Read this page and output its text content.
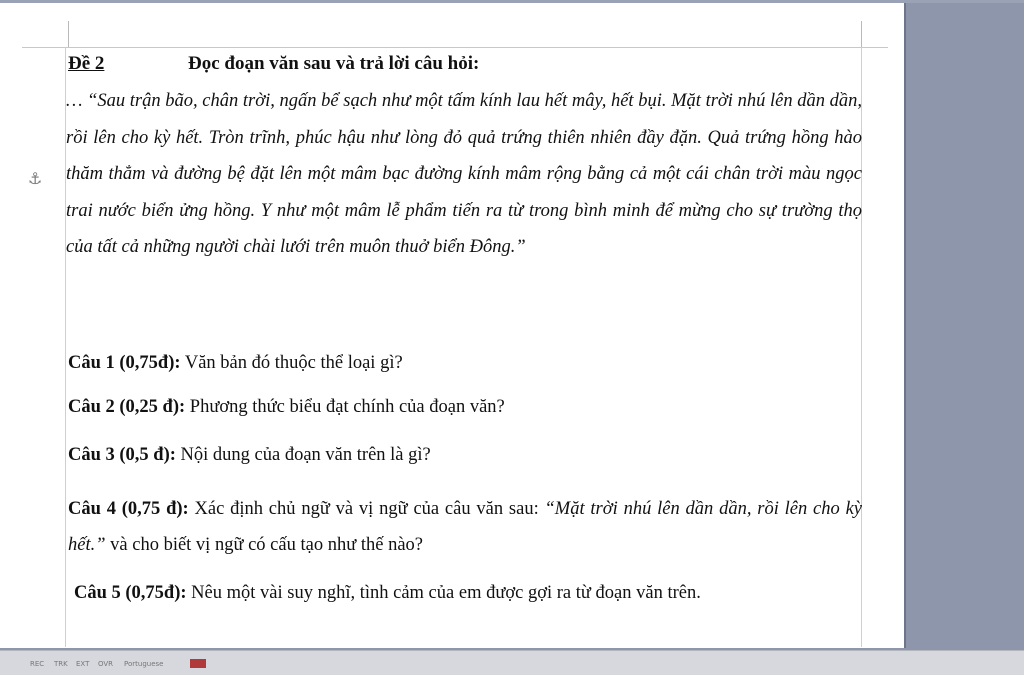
⚓︎
Đề 2	Đọc đoạn văn sau và trả lời câu hỏi:
… “Sau trận bão, chân trời, ngấn bể sạch như một tấm kính lau hết mây, hết bụi. Mặt trời nhú lên dần dần, rồi lên cho kỳ hết. Tròn trĩnh, phúc hậu như lòng đỏ quả trứng thiên nhiên đầy đặn. Quả trứng hồng hào thăm thẳm và đường bệ đặt lên một mâm bạc đường kính mâm rộng bằng cả một cái chân trời màu ngọc trai nước biển ửng hồng. Y như một mâm lễ phẩm tiến ra từ trong bình minh để mừng cho sự trường thọ của tất cả những người chài lưới trên muôn thuở biển Đông.”
Câu 1 (0,75đ): Văn bản đó thuộc thể loại gì?
Câu 2 (0,25 đ): Phương thức biểu đạt chính của đoạn văn?
Câu 3 (0,5 đ): Nội dung của đoạn văn trên là gì?
Câu 4 (0,75 đ): Xác định chủ ngữ và vị ngữ của câu văn sau: “Mặt trời nhú lên dần dần, rồi lên cho kỳ hết.” và cho biết vị ngữ có cấu tạo như thế nào?
Câu 5 (0,75đ): Nêu một vài suy nghĩ, tình cảm của em được gợi ra từ đoạn văn trên.
REC TRK EXT OVR Portuguese
